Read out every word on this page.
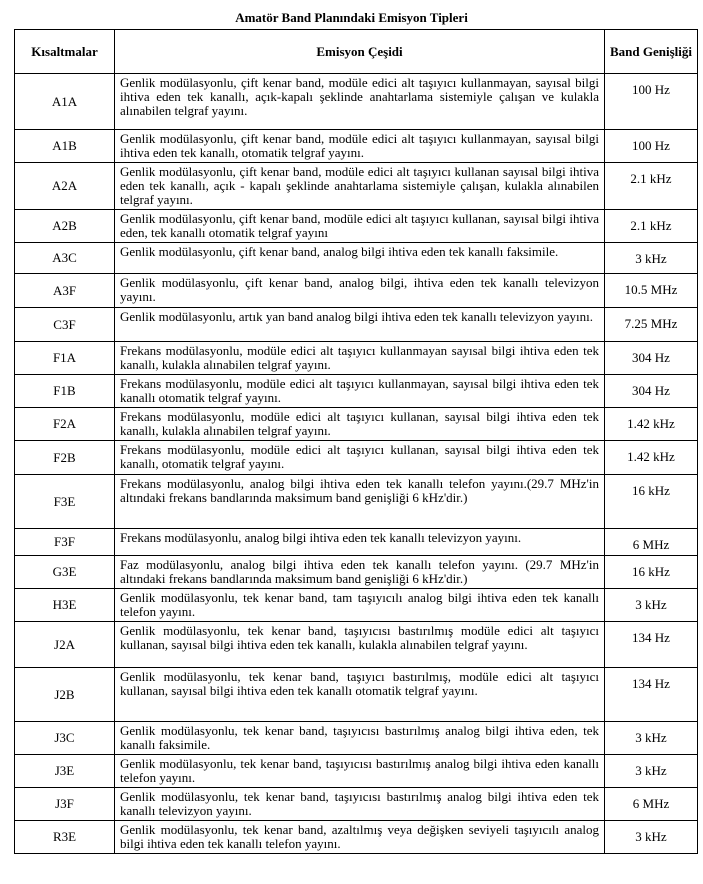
Amatör Band Planındaki Emisyon Tipleri
Kısaltmalar	Emisyon Çeşidi	Band Genişliği
A1A	Genlik modülasyonlu, çift kenar band, modüle edici alt taşıyıcı kullanmayan, sayısal bilgi ihtiva eden tek kanallı, açık-kapalı şeklinde anahtarlama sistemiyle çalışan ve kulakla alınabilen telgraf yayını.	100 Hz
A1B	Genlik modülasyonlu, çift kenar band, modüle edici alt taşıyıcı kullanmayan, sayısal bilgi ihtiva eden tek kanallı, otomatik telgraf yayını.	100 Hz
A2A	Genlik modülasyonlu, çift kenar band, modüle edici alt taşıyıcı kullanan sayısal bilgi ihtiva eden tek kanallı, açık - kapalı şeklinde anahtarlama sistemiyle çalışan, kulakla alınabilen telgraf yayını.	2.1 kHz
A2B	Genlik modülasyonlu, çift kenar band, modüle edici alt taşıyıcı kullanan, sayısal bilgi ihtiva eden, tek kanallı otomatik telgraf yayını	2.1 kHz
A3C	Genlik modülasyonlu, çift kenar band, analog bilgi ihtiva eden tek kanallı faksimile.	3 kHz
A3F	Genlik modülasyonlu, çift kenar band, analog bilgi, ihtiva eden tek kanallı televizyon yayını.	10.5 MHz
C3F	Genlik modülasyonlu, artık yan band analog bilgi ihtiva eden tek kanallı televizyon yayını.	7.25 MHz
F1A	Frekans modülasyonlu, modüle edici alt taşıyıcı kullanmayan sayısal bilgi ihtiva eden tek kanallı, kulakla alınabilen telgraf yayını.	304 Hz
F1B	Frekans modülasyonlu, modüle edici alt taşıyıcı kullanmayan, sayısal bilgi ihtiva eden tek kanallı otomatik telgraf yayını.	304 Hz
F2A	Frekans modülasyonlu, modüle edici alt taşıyıcı kullanan, sayısal bilgi ihtiva eden tek kanallı, kulakla alınabilen telgraf yayını.	1.42 kHz
F2B	Frekans modülasyonlu, modüle edici alt taşıyıcı kullanan, sayısal bilgi ihtiva eden tek kanallı, otomatik telgraf yayını.	1.42 kHz
F3E	Frekans modülasyonlu, analog bilgi ihtiva eden tek kanallı telefon yayını.(29.7 MHz'in altındaki frekans bandlarında maksimum band genişliği 6 kHz'dir.)	16 kHz
F3F	Frekans modülasyonlu, analog bilgi ihtiva eden tek kanallı televizyon yayını.	6 MHz
G3E	Faz modülasyonlu, analog bilgi ihtiva eden tek kanallı telefon yayını. (29.7 MHz'in altındaki frekans bandlarında maksimum band genişliği 6 kHz'dir.)	16 kHz
H3E	Genlik modülasyonlu, tek kenar band, tam taşıyıcılı analog bilgi ihtiva eden tek kanallı telefon yayını.	3 kHz
J2A	Genlik modülasyonlu, tek kenar band, taşıyıcısı bastırılmış modüle edici alt taşıyıcı kullanan, sayısal bilgi ihtiva eden tek kanallı, kulakla alınabilen telgraf yayını.	134 Hz
J2B	Genlik modülasyonlu, tek kenar band, taşıyıcı bastırılmış, modüle edici alt taşıyıcı kullanan, sayısal bilgi ihtiva eden tek kanallı otomatik telgraf yayını.	134 Hz
J3C	Genlik modülasyonlu, tek kenar band, taşıyıcısı bastırılmış analog bilgi ihtiva eden, tek kanallı faksimile.	3 kHz
J3E	Genlik modülasyonlu, tek kenar band, taşıyıcısı bastırılmış analog bilgi ihtiva eden kanallı telefon yayını.	3 kHz
J3F	Genlik modülasyonlu, tek kenar band, taşıyıcısı bastırılmış analog bilgi ihtiva eden tek kanallı televizyon yayını.	6 MHz
R3E	Genlik modülasyonlu, tek kenar band, azaltılmış veya değişken seviyeli taşıyıcılı analog bilgi ihtiva eden tek kanallı telefon yayını.	3 kHz
